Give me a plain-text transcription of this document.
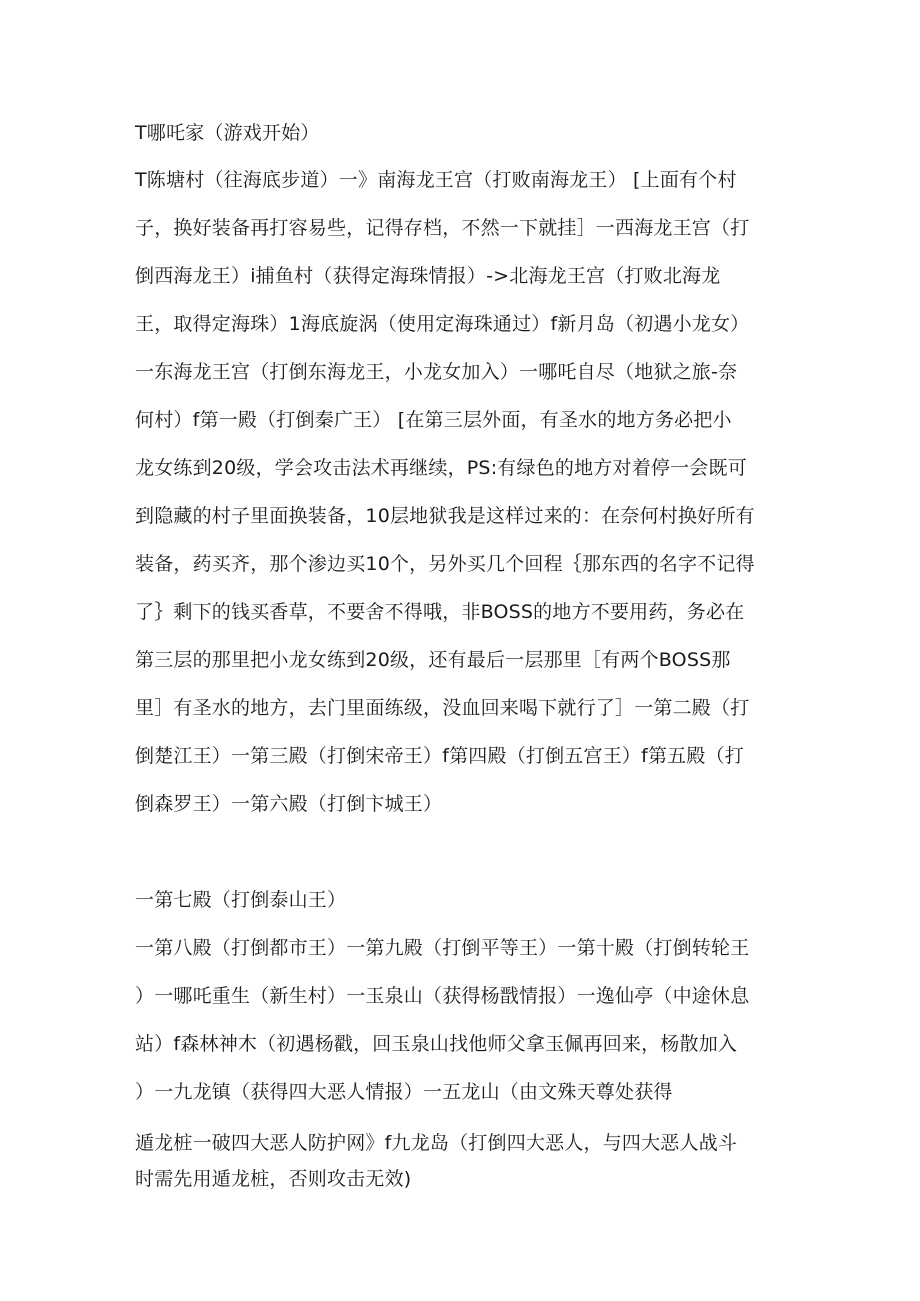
T哪吒家（游戏开始）

T陈塘村（往海底步道）一》南海龙王宫（打败南海龙王） [上面有个村

子，换好装备再打容易些，记得存档，不然一下就挂］一西海龙王宫（打

倒西海龙王）i捕鱼村（获得定海珠情报）->北海龙王宫（打败北海龙

王，取得定海珠）1海底旋涡（使用定海珠通过）f新月岛（初遇小龙女）

一东海龙王宫（打倒东海龙王，小龙女加入）一哪吒自尽（地狱之旅-奈

何村）f第一殿（打倒秦广王） [在第三层外面，有圣水的地方务必把小

龙女练到20级，学会攻击法术再继续，PS:有绿色的地方对着停一会既可

到隐藏的村子里面换装备，10层地狱我是这样过来的：在奈何村换好所有

装备，药买齐，那个渗边买10个，另外买几个回程｛那东西的名字不记得

了｝剩下的钱买香草，不要舍不得哦，非BOSS的地方不要用药，务必在

第三层的那里把小龙女练到20级，还有最后一层那里［有两个BOSS那

里］有圣水的地方，去门里面练级，没血回来喝下就行了］一第二殿（打

倒楚江王）一第三殿（打倒宋帝王）f第四殿（打倒五宫王）f第五殿（打

倒森罗王）一第六殿（打倒卞城王）

一第七殿（打倒泰山王）

一第八殿（打倒都市王）一第九殿（打倒平等王）一第十殿（打倒转轮王

）一哪吒重生（新生村）一玉泉山（获得杨戬情报）一逸仙亭（中途休息

站）f森林神木（初遇杨戳，回玉泉山找他师父拿玉佩再回来，杨散加入

）一九龙镇（获得四大恶人情报）一五龙山（由文殊天尊处获得

遁龙桩一破四大恶人防护网》f九龙岛（打倒四大恶人，与四大恶人战斗

时需先用遁龙桩，否则攻击无效)
